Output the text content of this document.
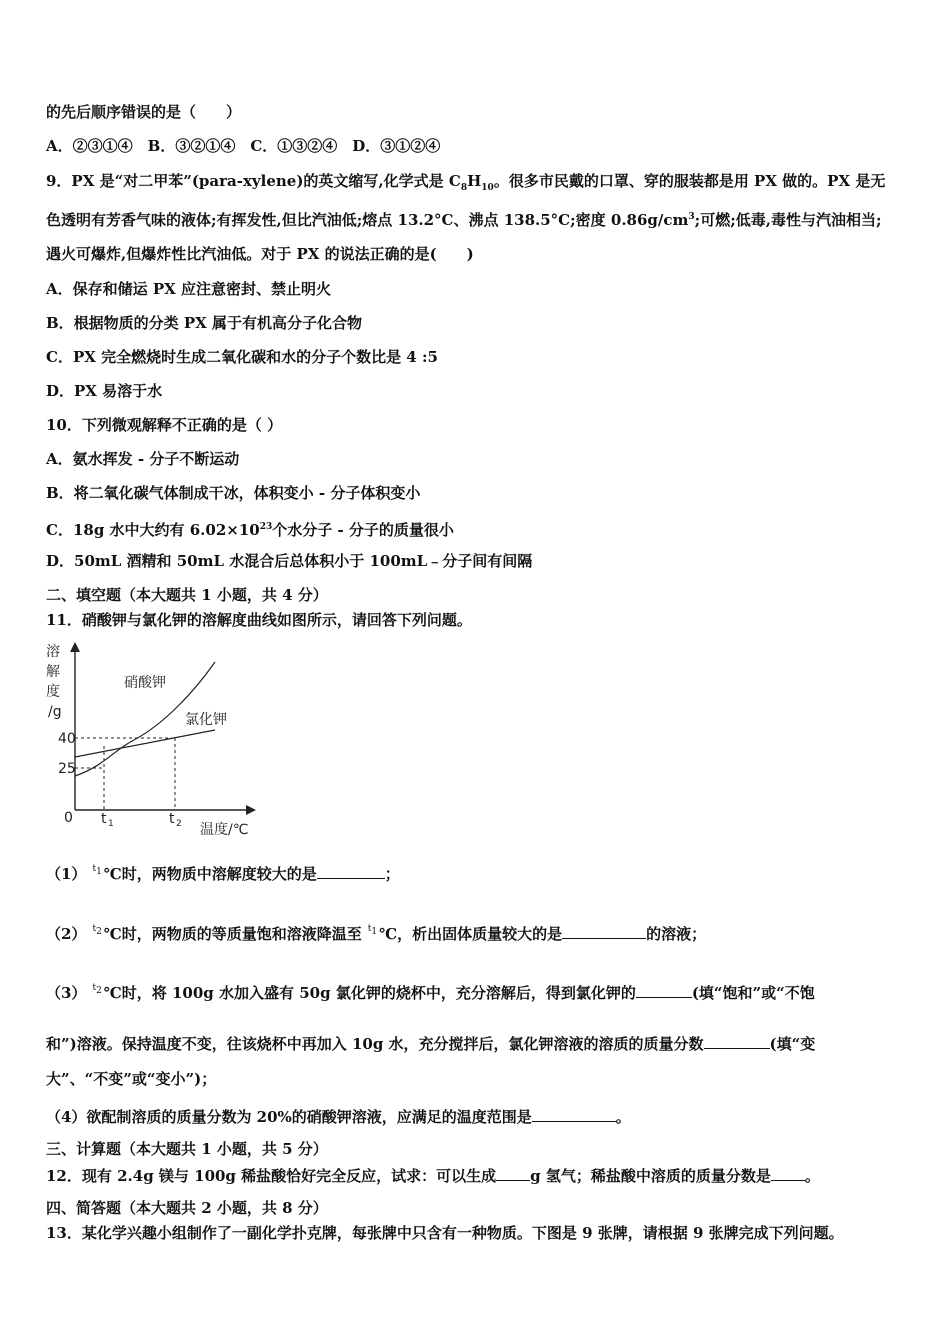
的先后顺序错误的是（　　）
A．②③①④　B．③②①④　C．①③②④　D．③①②④
9．PX 是“对二甲苯”(para-xylene)的英文缩写,化学式是 $C_8H_{10}$。很多市民戴的口罩、穿的服装都是用 PX 做的。PX 是无
色透明有芳香气味的液体;有挥发性,但比汽油低;熔点 13.2°C、沸点 138.5°C;密度 $0.86g/cm^3$;可燃;低毒,毒性与汽油相当;
遇火可爆炸,但爆炸性比汽油低。对于 PX 的说法正确的是(　　)
A．保存和储运 PX 应注意密封、禁止明火
B．根据物质的分类 PX 属于有机高分子化合物
C．PX 完全燃烧时生成二氧化碳和水的分子个数比是 4 :5
D．PX 易溶于水
10．下列微观解释不正确的是（ ）
A．氨水挥发 - 分子不断运动
B．将二氧化碳气体制成干冰，体积变小 - 分子体积变小
C．18g 水中大约有 $6.02\times 10^{23}$个水分子 - 分子的质量很小
D．50mL 酒精和 50mL 水混合后总体积小于 100mL﹣分子间有间隔
二、填空题（本大题共 1 小题，共 4 分）
11．硝酸钾与氯化钾的溶解度曲线如图所示，请回答下列问题。
溶
解
度
/g
40
25
0 t 1	t 2 温度/℃
硝酸钾
氯化钾
（1） $^{t_1}$ ℃时，两物质中溶解度较大的是	；
（2） $^{t_2}$ ℃时，两物质的等质量饱和溶液降温至 $^{t_1}$ ℃，析出固体质量较大的是	的溶液；
（3） $^{t_2}$ ℃时，将 100g 水加入盛有 50g 氯化钾的烧杯中，充分溶解后，得到氯化钾的	(填“饱和”或“不饱
和”)溶液。保持温度不变，往该烧杯中再加入 10g 水，充分搅拌后，氯化钾溶液的溶质的质量分数	(填“变
大”、“不变”或“变小”)；
（4）欲配制溶质的质量分数为 20%的硝酸钾溶液，应满足的温度范围是	。
三、计算题（本大题共 1 小题，共 5 分）
12．现有 2.4g 镁与 100g 稀盐酸恰好完全反应，试求：可以生成 g 氢气；稀盐酸中溶质的质量分数是 。
四、简答题（本大题共 2 小题，共 8 分）
13．某化学兴趣小组制作了一副化学扑克牌，每张牌中只含有一种物质。下图是 9 张牌，请根据 9 张牌完成下列问题。
